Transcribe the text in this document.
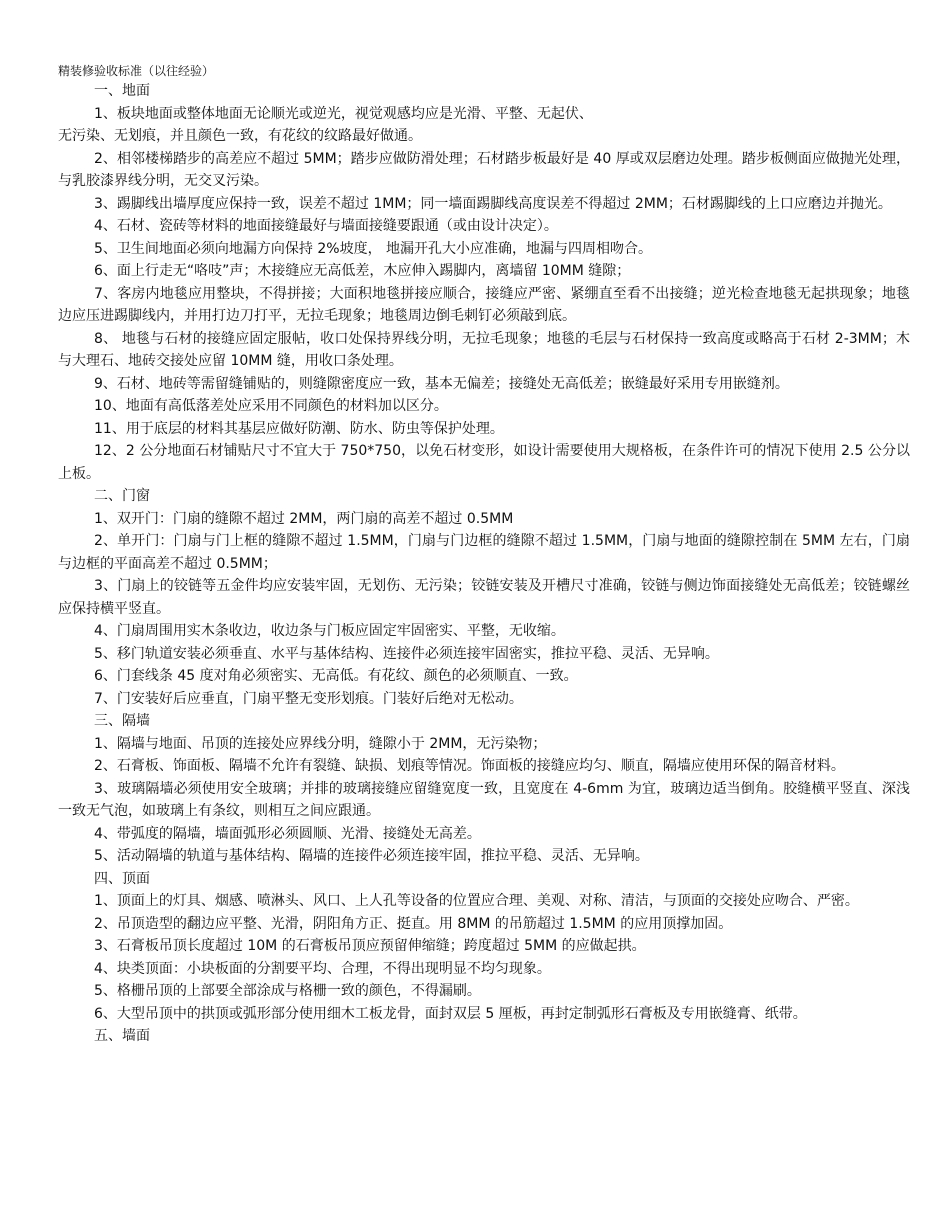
精装修验收标准（以往经验）

一、地面

1、板块地面或整体地面无论顺光或逆光，视觉观感均应是光滑、平整、无起伏、
无污染、无划痕，并且颜色一致，有花纹的纹路最好做通。

2、相邻楼梯踏步的高差应不超过 5MM；踏步应做防滑处理；石材踏步板最好是 40 厚或双层磨边处理。踏步板侧面应做抛光处理，与乳胶漆界线分明，无交叉污染。

3、踢脚线出墙厚度应保持一致，误差不超过 1MM；同一墙面踢脚线高度误差不得超过 2MM；石材踢脚线的上口应磨边并抛光。

4、石材、瓷砖等材料的地面接缝最好与墙面接缝要跟通（或由设计决定）。

5、卫生间地面必须向地漏方向保持 2%坡度， 地漏开孔大小应准确，地漏与四周相吻合。

6、面上行走无“咯吱”声；木接缝应无高低差，木应伸入踢脚内，离墙留 10MM 缝隙；

7、客房内地毯应用整块，不得拼接；大面积地毯拼接应顺合，接缝应严密、紧绷直至看不出接缝；逆光检查地毯无起拱现象；地毯边应压进踢脚线内，并用打边刀打平，无拉毛现象；地毯周边倒毛刺钉必须敲到底。

8、 地毯与石材的接缝应固定服帖，收口处保持界线分明，无拉毛现象；地毯的毛层与石材保持一致高度或略高于石材 2-3MM；木与大理石、地砖交接处应留 10MM 缝，用收口条处理。

9、石材、地砖等需留缝铺贴的，则缝隙密度应一致，基本无偏差；接缝处无高低差；嵌缝最好采用专用嵌缝剂。

10、地面有高低落差处应采用不同颜色的材料加以区分。

11、用于底层的材料其基层应做好防潮、防水、防虫等保护处理。

12、2 公分地面石材铺贴尺寸不宜大于 750*750，以免石材变形，如设计需要使用大规格板，在条件许可的情况下使用 2.5 公分以上板。

二、门窗

1、双开门：门扇的缝隙不超过 2MM，两门扇的高差不超过 0.5MM

2、单开门：门扇与门上框的缝隙不超过 1.5MM，门扇与门边框的缝隙不超过 1.5MM，门扇与地面的缝隙控制在 5MM 左右，门扇与边框的平面高差不超过 0.5MM；

3、门扇上的铰链等五金件均应安装牢固，无划伤、无污染；铰链安装及开槽尺寸准确，铰链与侧边饰面接缝处无高低差；铰链螺丝应保持横平竖直。

4、门扇周围用实木条收边，收边条与门板应固定牢固密实、平整，无收缩。

5、移门轨道安装必须垂直、水平与基体结构、连接件必须连接牢固密实，推拉平稳、灵活、无异响。

6、门套线条 45 度对角必须密实、无高低。有花纹、颜色的必须顺直、一致。

7、门安装好后应垂直，门扇平整无变形划痕。门装好后绝对无松动。

三、隔墙

1、隔墙与地面、吊顶的连接处应界线分明，缝隙小于 2MM，无污染物；

2、石膏板、饰面板、隔墙不允许有裂缝、缺损、划痕等情况。饰面板的接缝应均匀、顺直，隔墙应使用环保的隔音材料。

3、玻璃隔墙必须使用安全玻璃；并排的玻璃接缝应留缝宽度一致，且宽度在 4-6mm 为宜，玻璃边适当倒角。胶缝横平竖直、深浅一致无气泡，如玻璃上有条纹，则相互之间应跟通。

4、带弧度的隔墙，墙面弧形必须圆顺、光滑、接缝处无高差。

5、活动隔墙的轨道与基体结构、隔墙的连接件必须连接牢固，推拉平稳、灵活、无异响。

四、顶面

1、顶面上的灯具、烟感、喷淋头、风口、上人孔等设备的位置应合理、美观、对称、清洁，与顶面的交接处应吻合、严密。

2、吊顶造型的翻边应平整、光滑，阴阳角方正、挺直。用 8MM 的吊筋超过 1.5MM 的应用顶撑加固。

3、石膏板吊顶长度超过 10M 的石膏板吊顶应预留伸缩缝；跨度超过 5MM 的应做起拱。

4、块类顶面：小块板面的分割要平均、合理，不得出现明显不均匀现象。

5、格栅吊顶的上部要全部涂成与格栅一致的颜色，不得漏刷。

6、大型吊顶中的拱顶或弧形部分使用细木工板龙骨，面封双层 5 厘板，再封定制弧形石膏板及专用嵌缝膏、纸带。

五、墙面
